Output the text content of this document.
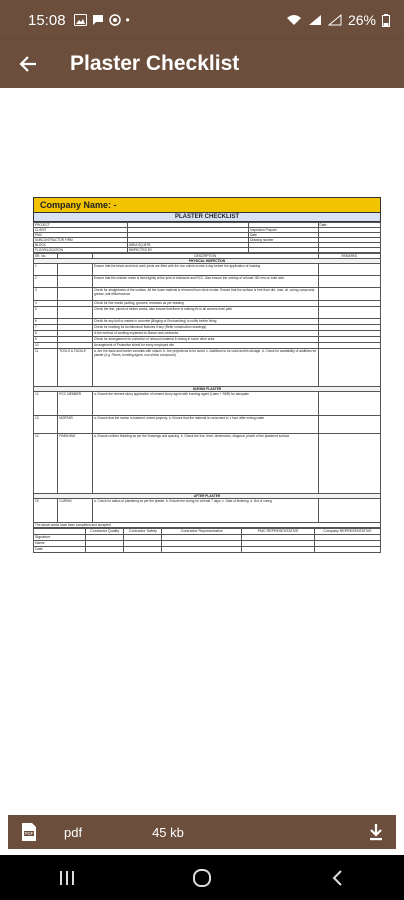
15:08	•	26%
Plaster Checklist
Company Name: -
PLASTER CHECKLIST
PROJECT			Date :
CLIENT		Inspection Prepare	
PMC		Date	
SUBCONTRACTOR FIRM		Drawing number	
BLOCK	AREA SQ.MTR.		
FLOOR/LOCATION	INSPECTED BY		
SR. No.		DESCRIPTION	REMARKS
PHYSICAL INSPECTION			
1		Ensure that the beam and brick work joints are filled with the non shrink mortar a day before the application of hacking	
2		Ensure that the chicken mesh is fixed tightly at the joint of brickwork and RCC. Also ensure the overlap of at least 150 mm on both side.	
3		Check for straightness of the surface. All the loose material is removed from brick mortar. Ensure that the surface is free from dirt, dust, oil, curing compound, grease, salt efflorescence	
4		Check for line marks (cutting, grooves, recesses as per drawing	
5		Check the line, plumb of before works; also ensure that there is nothing fix in all corners level path	
6		Check for any bolt or inserts in concrete (Binging or Encroaching) to notify before fixing	
7		Check for marking for Architectural features if any (Refer construction drawings)	
8		Is the method of working explained to Mason and contractor	
9		Check for arrangement for collection of rebound material & mixing in some other area	
10		Arrangement of Protective shield for every employed site	
11	TOOLS & TACKLE	a. Are the dado and border conduits with mason. b. Are projections to be avoid. c. Additions to be used and its storage. d. Check for availability of additives for plaster (e.g. Fibers, bonding agent, non shrink compound)	
DURING PLASTER			
12	RCC MEMBER	a. Ensure the cement slurry application of cement slurry agent with bonding agent (Latex + SBR) for adequate	
13	MORTAR	a. Ensure that the mortar is batched, mixed properly. b. Ensure that the material is consumed in 1 hour after mixing water	
14	FINISHING	a. Ensure uniform finishing as per the Drawings and spacing. b. Check the line, level, dimensions, diagonal, plumb of the plastered surface	
AFTER PLASTER			
15	CURING	a. Check for status of plastering as per the plaster. b. Ensure the curing for at least 7 days. c. Date of finishing. d. Not of curing	
The above works have been completed and accepted			
	Contractor Quality	Contractor Safety	Contractor Representative	PMC REPRESENTATIVE	Company REPRESENTATIVE
Signature					
Name					
Date					
PDF pdf	45 kb
